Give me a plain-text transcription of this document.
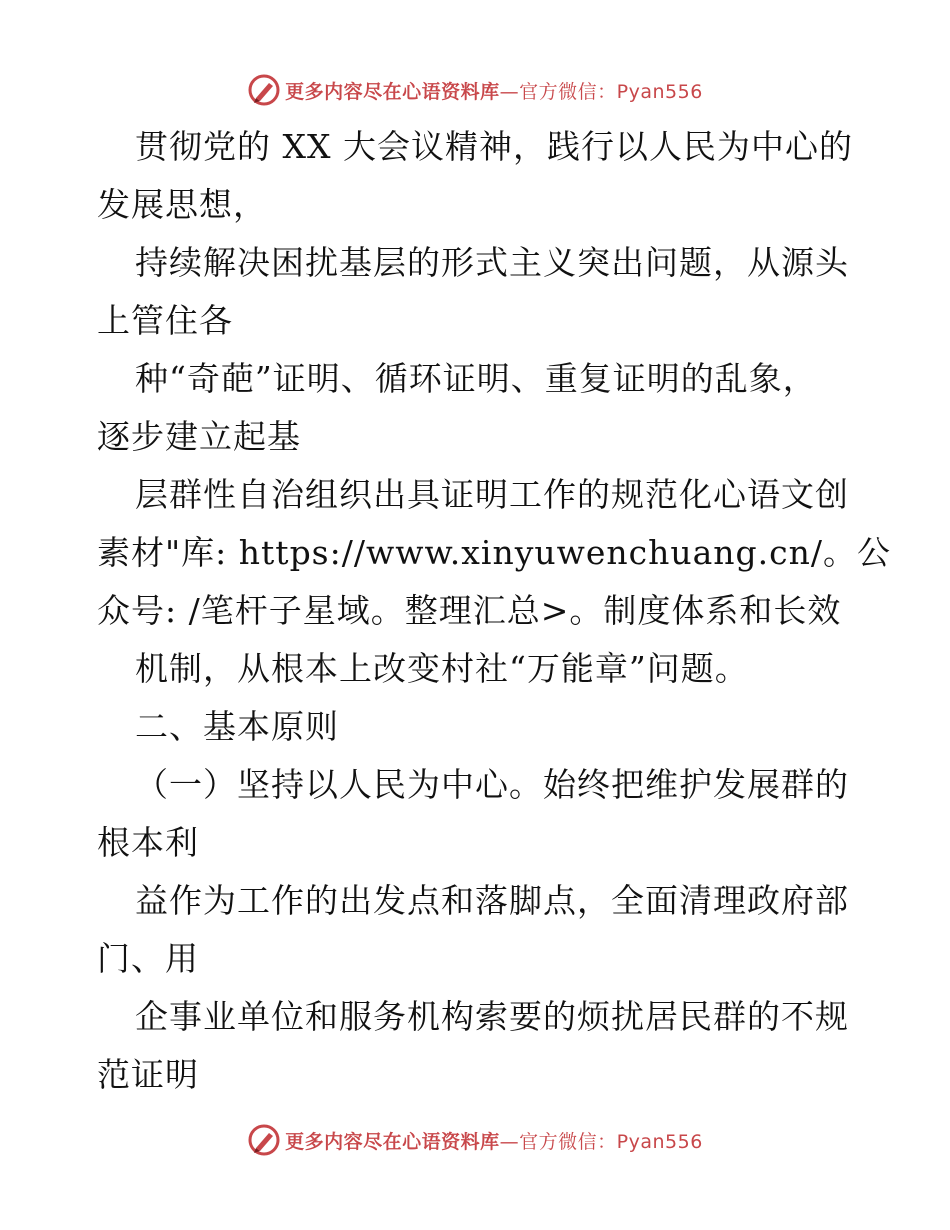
更多内容尽在心语资料库—官方微信：Pyan556
贯彻党的 XX 大会议精神，践行以人民为中心的
发展思想，
持续解决困扰基层的形式主义突出问题，从源头
上管住各
种“奇葩”证明、循环证明、重复证明的乱象，
逐步建立起基
层群性自治组织出具证明工作的规范化心语文创
素材"库: https://www.xinyuwenchuang.cn/。公
众号: /笔杆子星域。整理汇总>。制度体系和长效
机制，从根本上改变村社“万能章”问题。
二、基本原则
（一）坚持以人民为中心。始终把维护发展群的
根本利
益作为工作的出发点和落脚点，全面清理政府部
门、用
企事业单位和服务机构索要的烦扰居民群的不规
范证明
更多内容尽在心语资料库—官方微信：Pyan556
